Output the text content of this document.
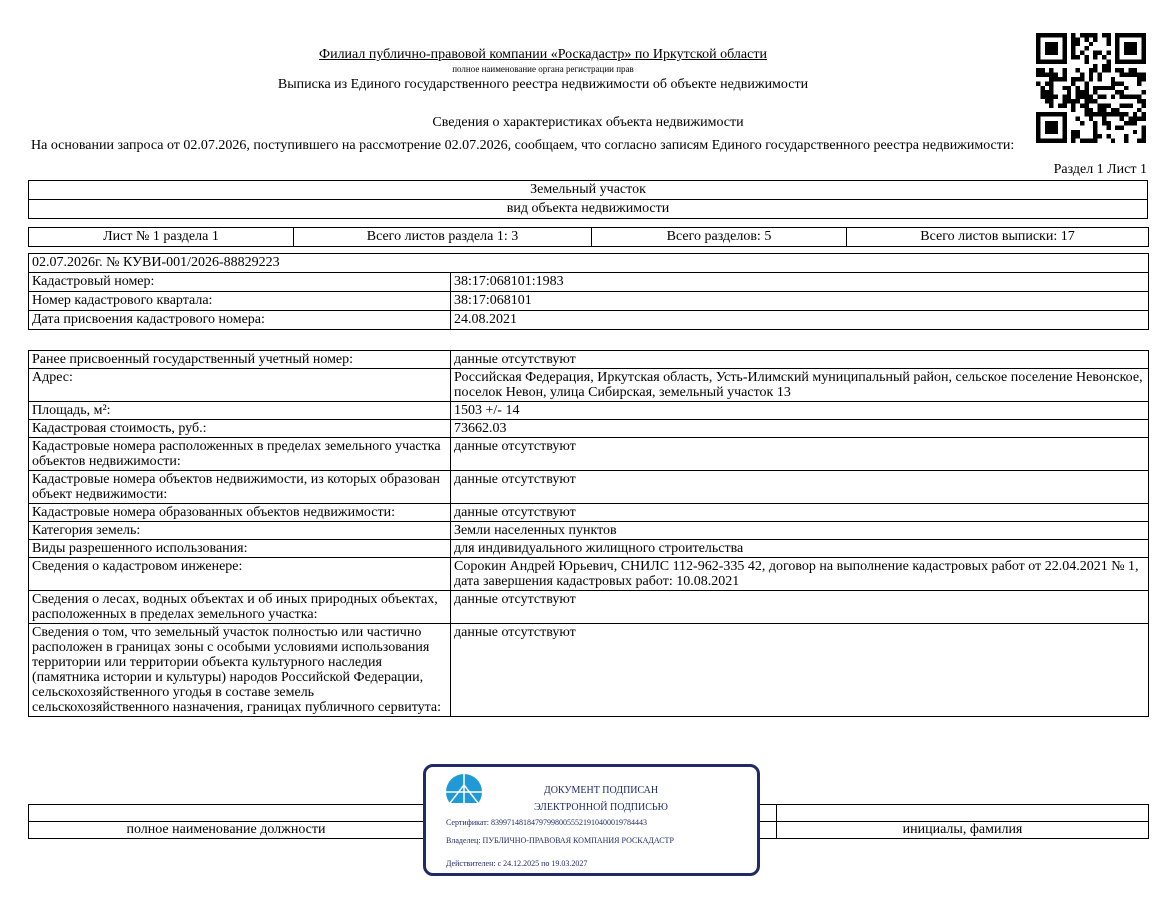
Филиал публично-правовой компании «Роскадастр» по Иркутской области
полное наименование органа регистрации прав
Выписка из Единого государственного реестра недвижимости об объекте недвижимости
Сведения о характеристиках объекта недвижимости
На основании запроса от 02.07.2026, поступившего на рассмотрение 02.07.2026, сообщаем, что согласно записям Единого государственного реестра недвижимости:
Раздел 1 Лист 1
Земельный участок
вид объекта недвижимости
Лист № 1 раздела 1	Всего листов раздела 1: 3	Всего разделов: 5	Всего листов выписки: 17
02.07.2026г. № КУВИ-001/2026-88829223	
Кадастровый номер:	38:17:068101:1983
Номер кадастрового квартала:	38:17:068101
Дата присвоения кадастрового номера:	24.08.2021
Ранее присвоенный государственный учетный номер:	данные отсутствуют
Адрес:	Российская Федерация, Иркутская область, Усть-Илимский муниципальный район, сельское поселение Невонское, поселок Невон, улица Сибирская, земельный участок 13
Площадь, м²:	1503 +/- 14
Кадастровая стоимость, руб.:	73662.03
Кадастровые номера расположенных в пределах земельного участка объектов недвижимости:	данные отсутствуют
Кадастровые номера объектов недвижимости, из которых образован объект недвижимости:	данные отсутствуют
Кадастровые номера образованных объектов недвижимости:	данные отсутствуют
Категория земель:	Земли населенных пунктов
Виды разрешенного использования:	для индивидуального жилищного строительства
Сведения о кадастровом инженере:	Сорокин Андрей Юрьевич, СНИЛС 112-962-335 42, договор на выполнение кадастровых работ от 22.04.2021 № 1, дата завершения кадастровых работ: 10.08.2021
Сведения о лесах, водных объектах и об иных природных объектах, расположенных в пределах земельного участка:	данные отсутствуют
Сведения о том, что земельный участок полностью или частично расположен в границах зоны с особыми условиями использования территории или территории объекта культурного наследия (памятника истории и культуры) народов Российской Федерации, сельскохозяйственного угодья в составе земель сельскохозяйственного назначения, границах публичного сервитута:	данные отсутствуют

полное наименование должности		инициалы, фамилия
ДОКУМЕНТ ПОДПИСАН
ЭЛЕКТРОННОЙ ПОДПИСЬЮ
Сертификат: 839971481847979980055521910400019784443
Владелец: ПУБЛИЧНО-ПРАВОВАЯ КОМПАНИЯ РОСКАДАСТР
Действителен: с 24.12.2025 по 19.03.2027
